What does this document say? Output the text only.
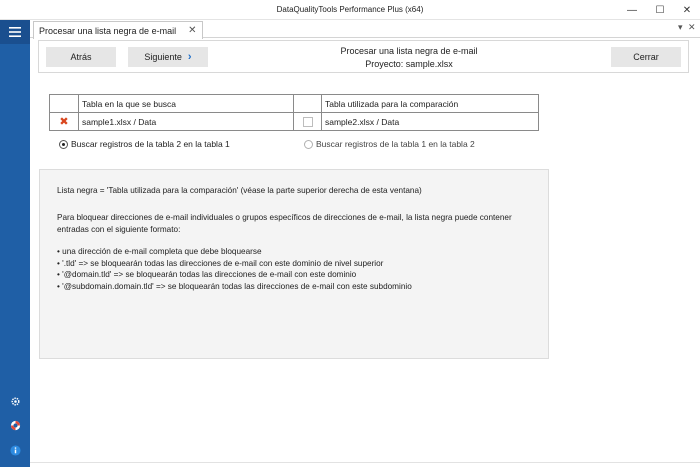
DataQualityTools Performance Plus (x64)	— ☐ ✕
Procesar una lista negra de e-mail ✕	▾ ✕
Atrás	Siguiente ›	Procesar una lista negra de e-mail
Proyecto: sample.xlsx
Cerrar
	Tabla en la que se busca		Tabla utilizada para la comparación
✖	sample1.xlsx / Data		sample2.xlsx / Data
Buscar registros de la tabla 2 en la tabla 1	Buscar registros de la tabla 1 en la tabla 2

Lista negra = 'Tabla utilizada para la comparación' (véase la parte superior derecha de esta ventana)

Para bloquear direcciones de e-mail individuales o grupos específicos de direcciones de e-mail, la lista negra puede contener entradas con el siguiente formato:

• una dirección de e-mail completa que debe bloquearse
• '.tld' => se bloquearán todas las direcciones de e-mail con este dominio de nivel superior
• '@domain.tld' => se bloquearán todas las direcciones de e-mail con este dominio
• '@subdomain.domain.tld' => se bloquearán todas las direcciones de e-mail con este subdominio
